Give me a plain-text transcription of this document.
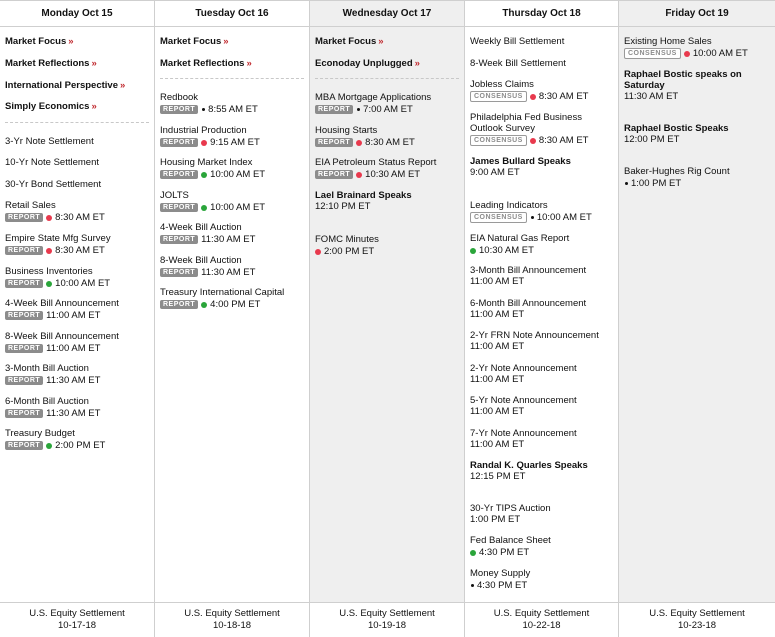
Monday Oct 15
Market Focus »
Market Reflections »
International Perspective »
Simply Economics »
3-Yr Note Settlement
10-Yr Note Settlement
30-Yr Bond Settlement
Retail Sales
REPORT	8:30 AM ET
Empire State Mfg Survey
REPORT	8:30 AM ET
Business Inventories
REPORT	10:00 AM ET
4-Week Bill Announcement
REPORT 11:00 AM ET
8-Week Bill Announcement
REPORT 11:00 AM ET
3-Month Bill Auction
REPORT 11:30 AM ET
6-Month Bill Auction
REPORT 11:30 AM ET
Treasury Budget
REPORT	2:00 PM ET
U.S. Equity Settlement
10-17-18
Tuesday Oct 16
Market Focus »
Market Reflections »
Redbook
REPORT	8:55 AM ET
Industrial Production
REPORT	9:15 AM ET
Housing Market Index
REPORT	10:00 AM ET
JOLTS
REPORT	10:00 AM ET
4-Week Bill Auction
REPORT 11:30 AM ET
8-Week Bill Auction
REPORT 11:30 AM ET
Treasury International Capital
REPORT	4:00 PM ET
U.S. Equity Settlement
10-18-18
Wednesday Oct 17
Market Focus »
Econoday Unplugged »
MBA Mortgage Applications
REPORT	7:00 AM ET
Housing Starts
REPORT	8:30 AM ET
EIA Petroleum Status Report
REPORT	10:30 AM ET
Lael Brainard Speaks
12:10 PM ET
FOMC Minutes
2:00 PM ET
U.S. Equity Settlement
10-19-18
Thursday Oct 18
Weekly Bill Settlement
8-Week Bill Settlement
Jobless Claims
CONSENSUS	8:30 AM ET
Philadelphia Fed Business Outlook Survey
CONSENSUS	8:30 AM ET
James Bullard Speaks
9:00 AM ET
Leading Indicators
CONSENSUS	10:00 AM ET
EIA Natural Gas Report
10:30 AM ET
3-Month Bill Announcement
11:00 AM ET
6-Month Bill Announcement
11:00 AM ET
2-Yr FRN Note Announcement
11:00 AM ET
2-Yr Note Announcement
11:00 AM ET
5-Yr Note Announcement
11:00 AM ET
7-Yr Note Announcement
11:00 AM ET
Randal K. Quarles Speaks
12:15 PM ET
30-Yr TIPS Auction
1:00 PM ET
Fed Balance Sheet
4:30 PM ET
Money Supply
4:30 PM ET
U.S. Equity Settlement
10-22-18
Friday Oct 19
Existing Home Sales
CONSENSUS	10:00 AM ET
Raphael Bostic speaks on Saturday
11:30 AM ET
Raphael Bostic Speaks
12:00 PM ET
Baker-Hughes Rig Count
1:00 PM ET
U.S. Equity Settlement
10-23-18
